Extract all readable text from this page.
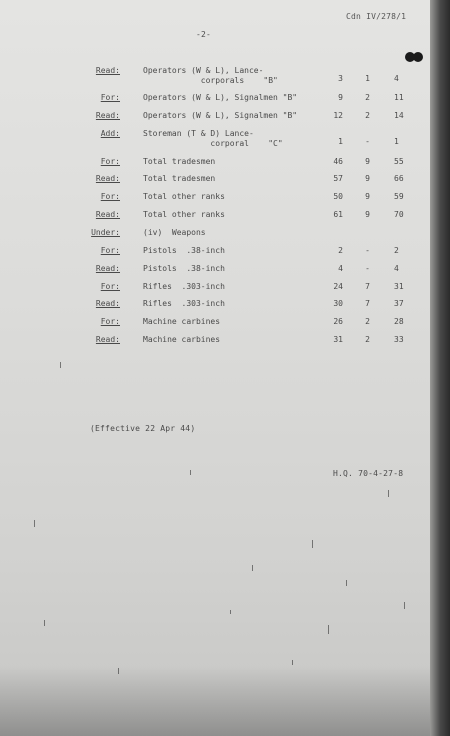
Cdn IV/278/1
-2-
Read:	Operators (W & L), Lance-
corporals    "B"	3	1	4
For:	Operators (W & L), Signalmen "B"	9	2	11
Read:	Operators (W & L), Signalmen "B"	12	2	14
Add:	Storeman (T & D) Lance-
corporal    "C"	1	-	1
For:	Total tradesmen	46	9	55
Read:	Total tradesmen	57	9	66
For:	Total other ranks	50	9	59
Read:	Total other ranks	61	9	70
Under:	(iv)  Weapons
For:	Pistols  .38-inch	2	-	2
Read:	Pistols  .38-inch	4	-	4
For:	Rifles  .303-inch	24	7	31
Read:	Rifles  .303-inch	30	7	37
For:	Machine carbines	26	2	28
Read:	Machine carbines	31	2	33
(Effective 22 Apr 44)
H.Q. 70-4-27-8
